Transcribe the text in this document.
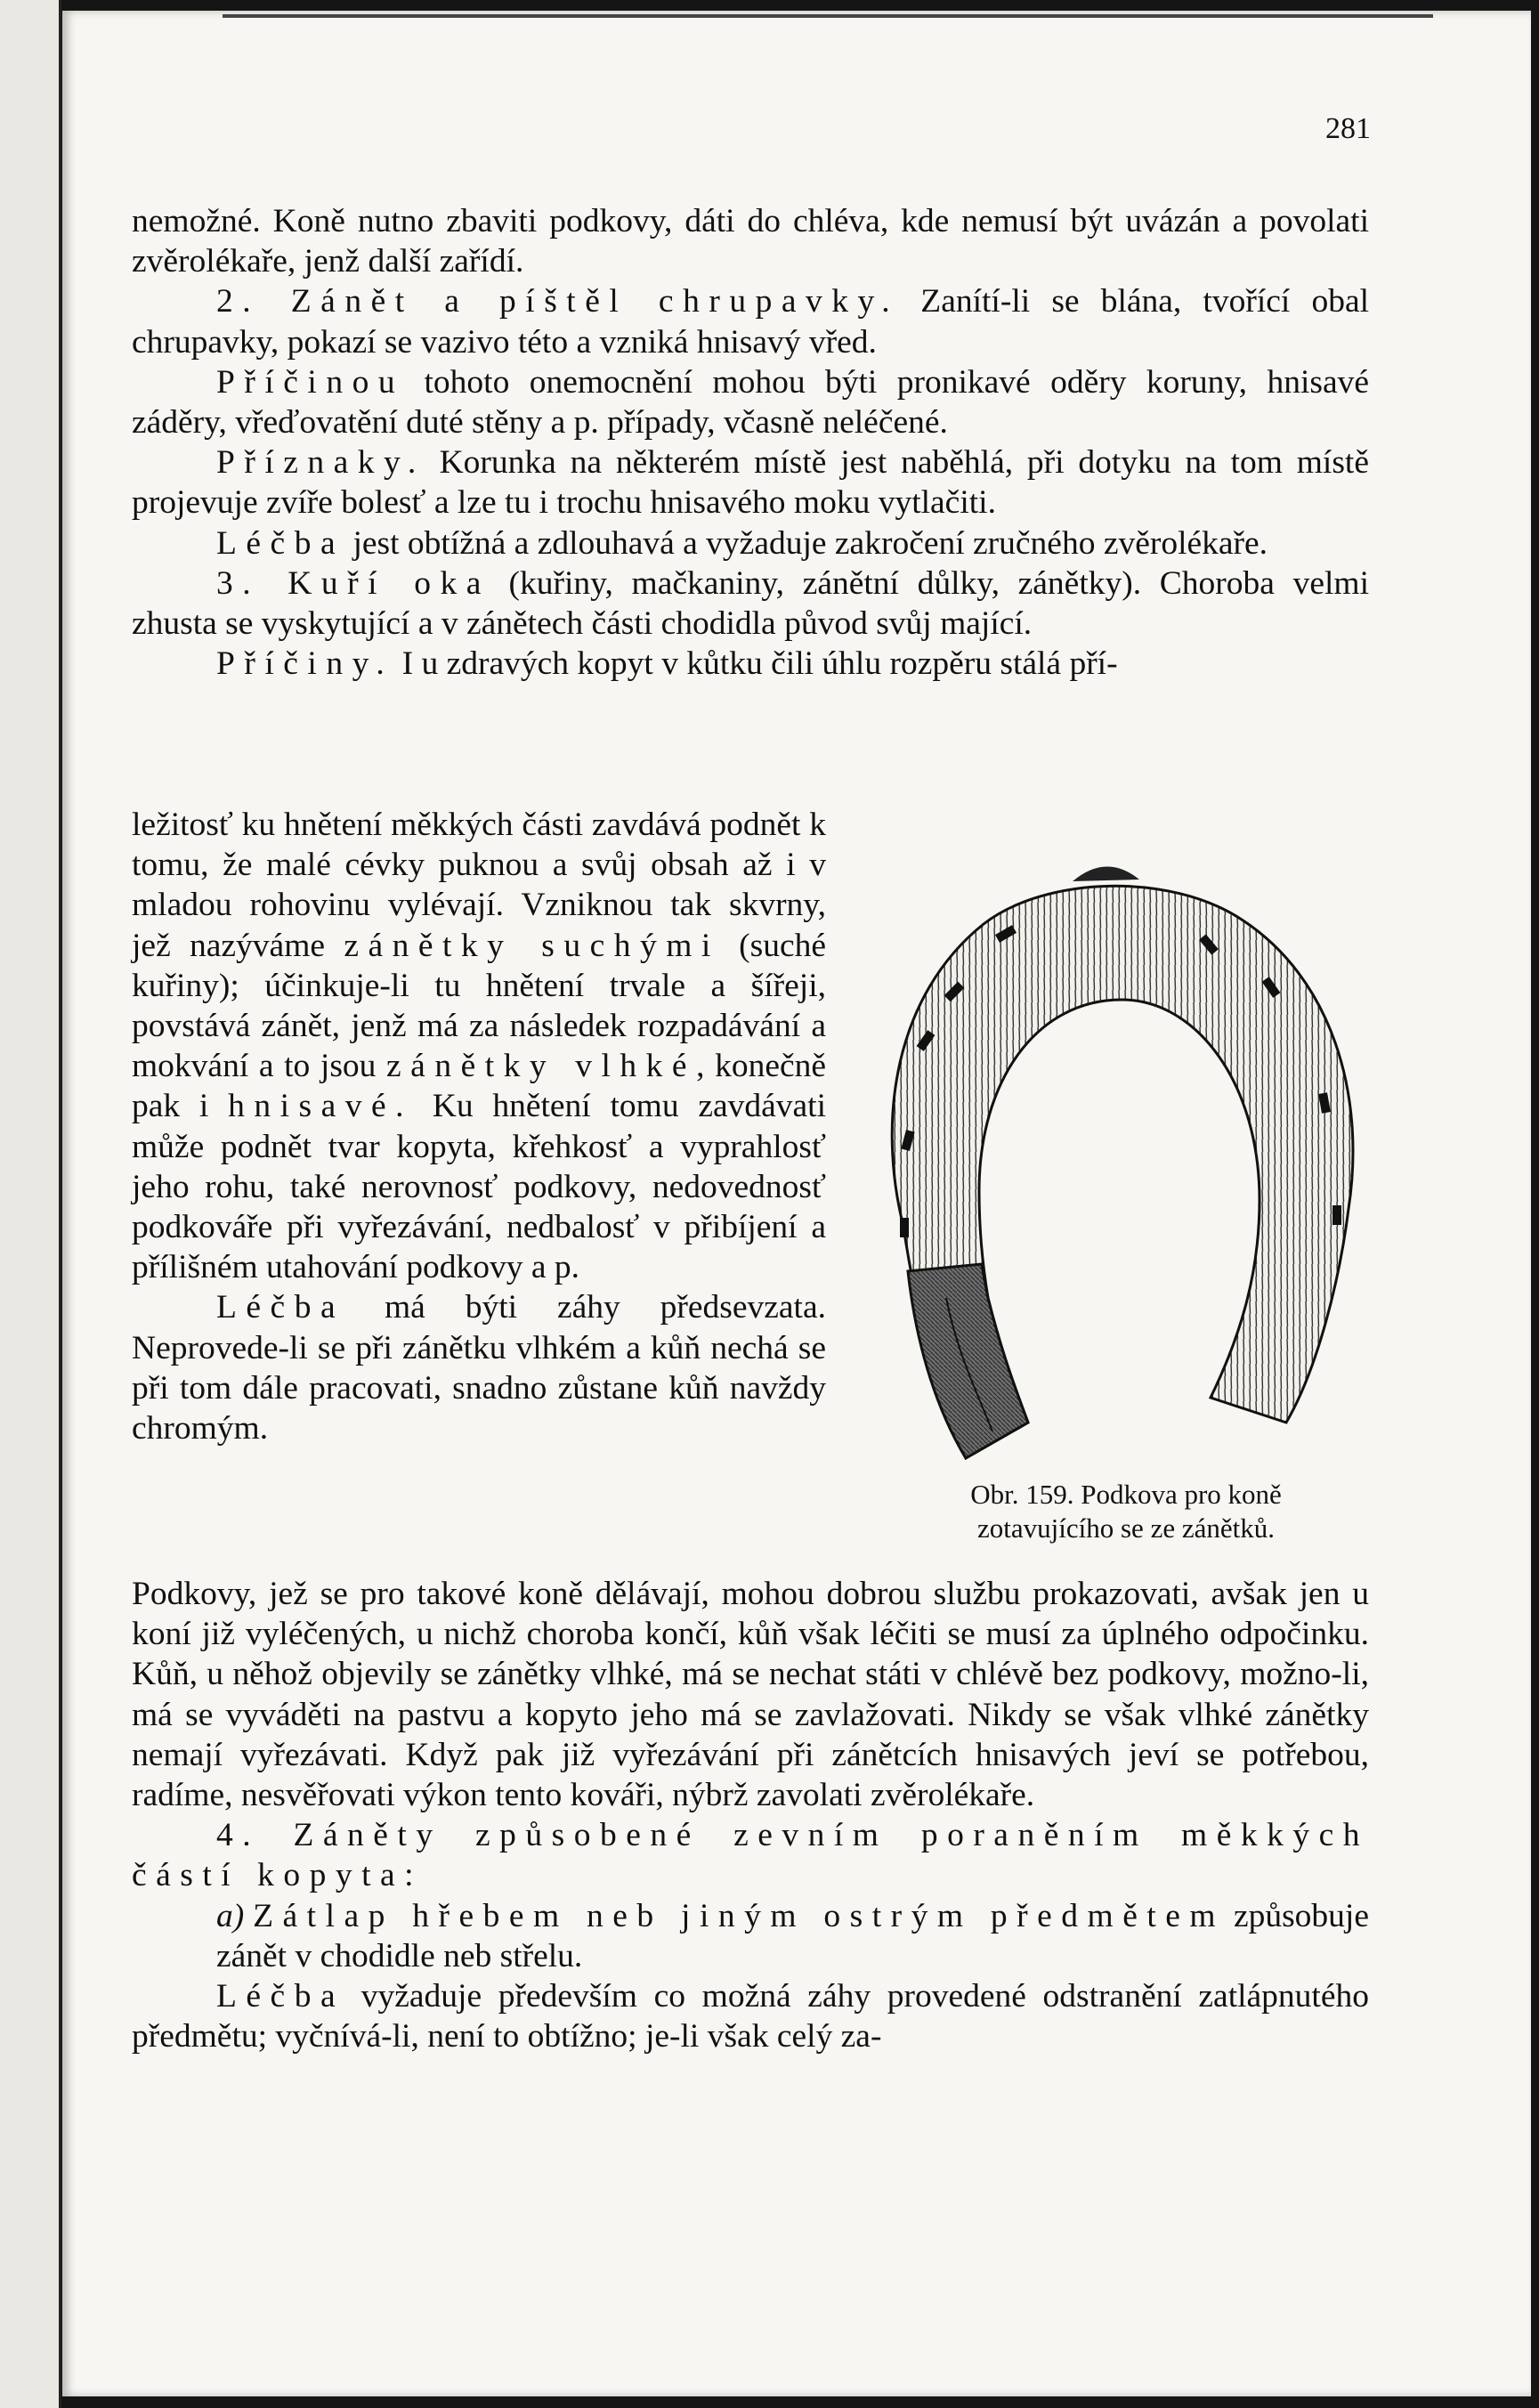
281

nemožné. Koně nutno zbaviti podkovy, dáti do chléva, kde nemusí být uvázán a povolati zvěrolékaře, jenž další zařídí.

2. Zánět a píštěl chrupavky. Zanítí-li se blána, tvořící obal chrupavky, pokazí se vazivo této a vzniká hnisavý vřed.

Příčinou tohoto onemocnění mohou býti pronikavé oděry koruny, hnisavé záděry, vřeďovatění duté stěny a p. případy, včasně neléčené.

Příznaky. Korunka na některém místě jest naběhlá, při dotyku na tom místě projevuje zvíře bolesť a lze tu i trochu hnisavého moku vytlačiti.

Léčba jest obtížná a zdlouhavá a vyžaduje zakročení zručného zvěrolékaře.

3. Kuří oka (kuřiny, mačkaniny, zánětní důlky, zánětky). Choroba velmi zhusta se vyskytující a v zánětech části chodidla původ svůj mající.

Příčiny. I u zdravých kopyt v kůtku čili úhlu rozpěru stálá pří-

ležitosť ku hnětení měkkých části zavdává podnět k tomu, že malé cévky puknou a svůj obsah až i v mladou rohovinu vylévají. Vzniknou tak skvrny, jež nazýváme zánětky suchými (suché kuřiny); účinkuje-li tu hnětení trvale a šířeji, povstává zánět, jenž má za následek rozpadávání a mokvání a to jsou zánětky vlhké, konečně pak i hnisavé. Ku hnětení tomu zavdávati může podnět tvar kopyta, křehkosť a vyprahlosť jeho rohu, také nerovnosť podkovy, nedovednosť podkováře při vyřezávání, nedbalosť v přibíjení a přílišném utahování podkovy a p.

Léčba má býti záhy předsevzata. Neprovede-li se při zánětku vlhkém a kůň nechá se při tom dále pracovati, snadno zůstane kůň navždy chromým.

Obr. 159. Podkova pro koně
zotavujícího se ze zánětků.

Podkovy, jež se pro takové koně dělávají, mohou dobrou službu prokazovati, avšak jen u koní již vyléčených, u nichž choroba končí, kůň však léčiti se musí za úplného odpočinku. Kůň, u něhož objevily se zánětky vlhké, má se nechat státi v chlévě bez podkovy, možno-li, má se vyváděti na pastvu a kopyto jeho má se zavlažovati. Nikdy se však vlhké zánětky nemají vyřezávati. Když pak již vyřezávání při zánětcích hnisavých jeví se potřebou, radíme, nesvěřovati výkon tento kováři, nýbrž zavolati zvěrolékaře.

4. Záněty způsobené zevním poraněním měkkých částí kopyta:

a) Zátlap hřebem neb jiným ostrým předmětem způsobuje zánět v chodidle neb střelu.

Léčba vyžaduje především co možná záhy provedené odstranění zatlápnutého předmětu; vyčnívá-li, není to obtížno; je-li však celý za-
